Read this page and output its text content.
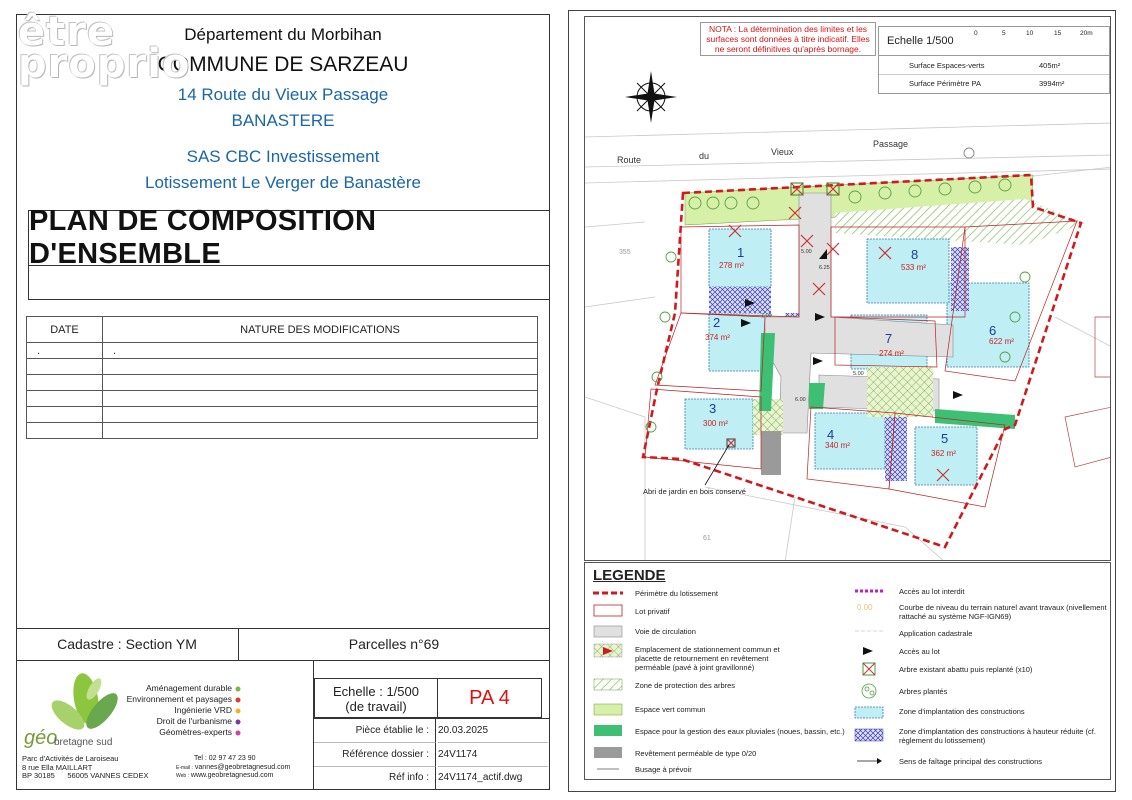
Département du Morbihan
COMMUNE DE SARZEAU
14 Route du Vieux Passage
BANASTERE
SAS CBC Investissement
Lotissement Le Verger de Banastère
être
proprio
PLAN DE COMPOSITION D'ENSEMBLE
DATE	NATURE DES MODIFICATIONS
.	.

Cadastre : Section YM	Parcelles n°69
géo
bretagne sud
Aménagement durable
Environnement et paysages
Ingénierie VRD
Droit de l'urbanisme
Géomètres-experts
Parc d'Activités de Laroiseau
8 rue Ella MAILLART
BP 30185 56005 VANNES CEDEX
Tel : 02 97 47 23 90
E-mail : vannes@geobretagnesud.com
Web : www.geobretagnesud.com
Echelle : 1/500
(de travail)	PA 4
Pièce établie le : 20.03.2025
Référence dossier : 24V1174
Réf info : 24V1174_actif.dwg
Route	du	Vieux
Passage
1
278 m²
2
374 m²
3
300 m²
4
340 m²	5
362 m²
6
622 m²
7
274 m²
8
533 m²
Abri de jardin en bois conservé
355
61
5.00
7.00
5.00
6.25
6.00
NOTA : La détermination des limites et les surfaces sont données à titre indicatif. Elles ne seront définitives qu'après bornage.
Echelle 1/500
Surface Espaces-verts	405m²
Surface Périmètre PA	3994m²
0	5	10	15	20m
LEGENDE
Périmètre du lotissement
Lot privatif
Voie de circulation
Emplacement de stationnement commun et placette de retournement en revêtement perméable (pavé à joint gravillonné)
Zone de protection des arbres
Espace vert commun
Espace pour la gestion des eaux pluviales (noues, bassin, etc.)
Revêtement perméable de type 0/20
Busage à prévoir
0.00
Accès au lot interdit
Courbe de niveau du terrain naturel avant travaux (nivellement rattaché au système NGF-IGN69)
Application cadastrale
Accès au lot
Arbre existant abattu puis replanté (x10)
Arbres plantés
Zone d'implantation des constructions
Zone d'implantation des constructions à hauteur réduite (cf. règlement du lotissement)
Sens de faîtage principal des constructions
